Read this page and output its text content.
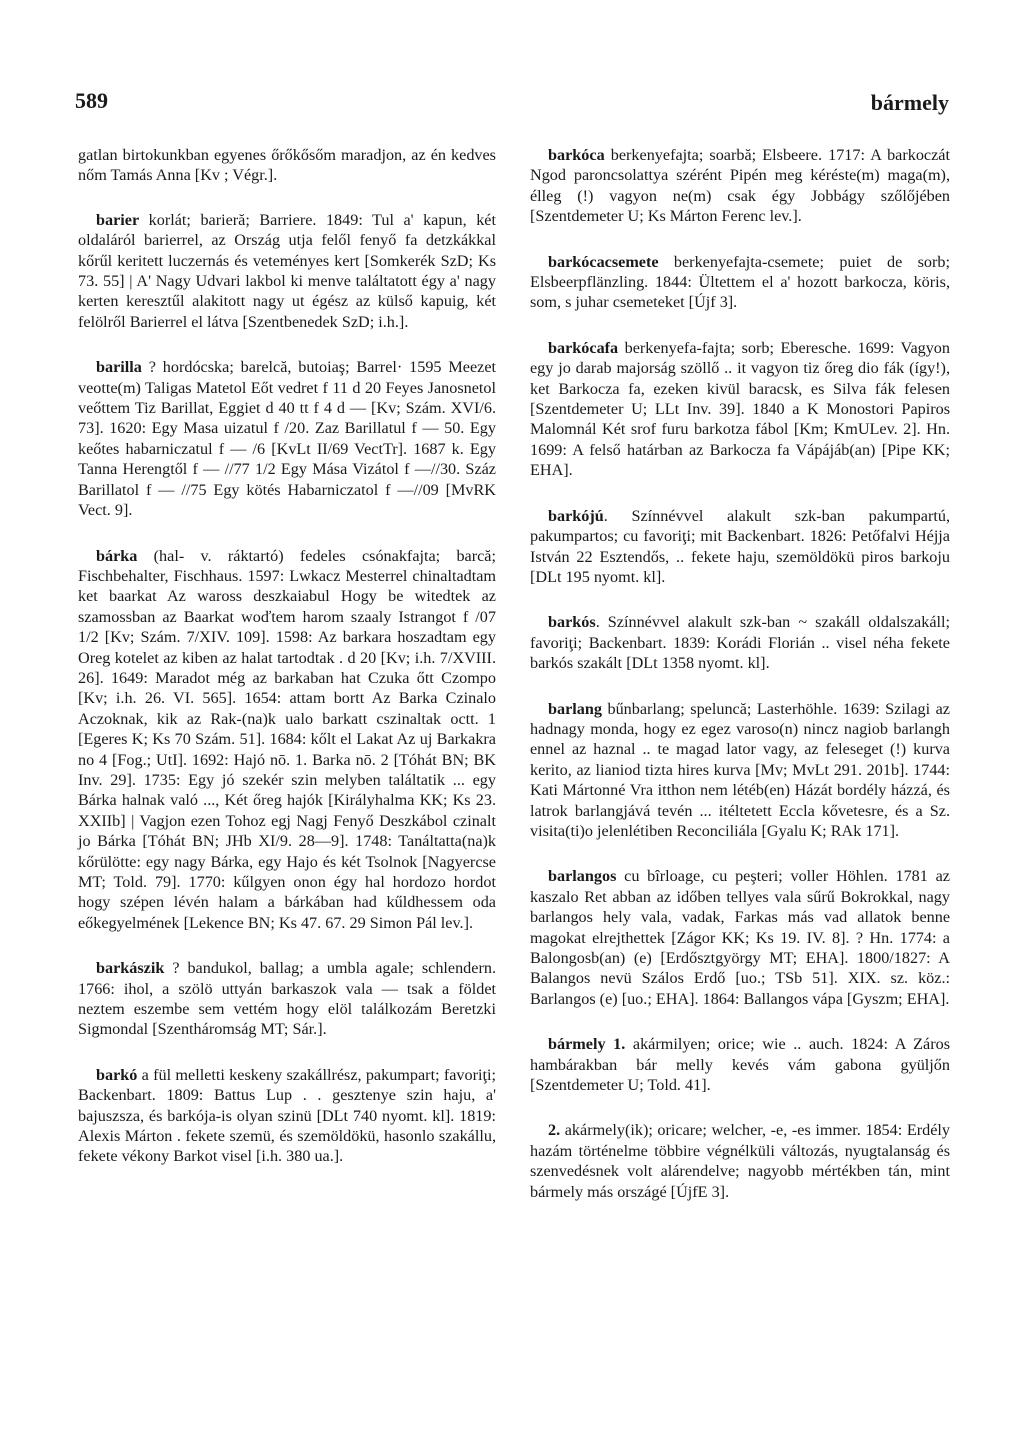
589	bármely

gatlan birtokunkban egyenes őrőkősőm maradjon, az én kedves nőm Tamás Anna [Kv ; Végr.].

barier korlát; barieră; Barriere. 1849: Tul a' kapun, két oldaláról barierrel, az Ország utja felől fenyő fa detzkákkal kőrűl keritett luczernás és veteményes kert [Somkerék SzD; Ks 73. 55] | A' Nagy Udvari lakbol ki menve találtatott égy a' nagy kerten keresztűl alakitott nagy ut égész az külső kapuig, két felölről Barierrel el látva [Szentbenedek SzD; i.h.].

barilla ? hordócska; barelcă, butoiaş; Barrel· 1595 Meezet veotte(m) Taligas Matetol Eőt vedret f 11 d 20 Feyes Janosnetol veőttem Tiz Barillat, Eggiet d 40 tt f 4 d — [Kv; Szám. XVI/6. 73]. 1620: Egy Masa uizatul f /20. Zaz Barillatul f — 50. Egy keőtes habarniczatul f — /6 [KvLt II/69 VectTr]. 1687 k. Egy Tanna Herengtől f — //77 1/2 Egy Mása Vizátol f —//30. Száz Barillatol f — //75 Egy kötés Habarniczatol f —//09 [MvRK Vect. 9].

bárka (hal- v. ráktartó) fedeles csónakfajta; barcă; Fischbehalter, Fischhaus. 1597: Lwkacz Mesterrel chinaltadtam ket baarkat Az waross deszkaiabul Hogy be witedtek az szamossban az Baarkat woďtem harom szaaly Istrangot f /07 1/2 [Kv; Szám. 7/XIV. 109]. 1598: Az barkara hoszadtam egy Oreg kotelet az kiben az halat tartodtak . d 20 [Kv; i.h. 7/XVIII. 26]. 1649: Maradot még az barkaban hat Czuka őtt Czompo [Kv; i.h. 26. VI. 565]. 1654: attam bortt Az Barka Czinalo Aczoknak, kik az Rak-(na)k ualo barkatt cszinaltak octt. 1 [Egeres K; Ks 70 Szám. 51]. 1684: kőlt el Lakat Az uj Barkakra no 4 [Fog.; UtI]. 1692: Hajó nō. 1. Barka nō. 2 [Tóhát BN; BK Inv. 29]. 1735: Egy jó szekér szin melyben találtatik ... egy Bárka halnak való ..., Két őreg hajók [Királyhalma KK; Ks 23. XXIIb] | Vagjon ezen Tohoz egj Nagj Fenyő Deszkábol czinalt jo Bárka [Tóhát BN; JHb XI/9. 28—9]. 1748: Tanáltatta(na)k kőrülötte: egy nagy Bárka, egy Hajo és két Tsolnok [Nagyercse MT; Told. 79]. 1770: kűlgyen onon égy hal hordozo hordot hogy szépen lévén halam a bárkában had kűldhessem oda eőkegyelmének [Lekence BN; Ks 47. 67. 29 Simon Pál lev.].

barkászik ? bandukol, ballag; a umbla agale; schlendern. 1766: ihol, a szölö uttyán barkaszok vala — tsak a földet neztem eszembe sem vettém hogy elöl találkozám Beretzki Sigmondal [Szentháromság MT; Sár.].

barkó a fül melletti keskeny szakállrész, pakumpart; favoriţi; Backenbart. 1809: Battus Lup . . gesztenye szin haju, a' bajuszsza, és barkója-is olyan szinü [DLt 740 nyomt. kl]. 1819: Alexis Márton . fekete szemü, és szemöldökü, hasonlo szakállu, fekete vékony Barkot visel [i.h. 380 ua.].

barkóca berkenyefajta; soarbă; Elsbeere. 1717: A barkoczát Ngod paroncsolattya szérént Pipén meg kéréste(m) maga(m), élleg (!) vagyon ne(m) csak égy Jobbágy szőlőjében [Szentdemeter U; Ks Márton Ferenc lev.].

barkócacsemete berkenyefajta-csemete; puiet de sorb; Elsbeerpflänzling. 1844: Ültettem el a' hozott barkocza, köris, som, s juhar csemeteket [Újf 3].

barkócafa berkenyefa-fajta; sorb; Eberesche. 1699: Vagyon egy jo darab majorság szöllő .. it vagyon tiz őreg dio fák (így!), ket Barkocza fa, ezeken kivül baracsk, es Silva fák felesen [Szentdemeter U; LLt Inv. 39]. 1840 a K Monostori Papiros Malomnál Két srof furu barkotza fábol [Km; KmULev. 2]. Hn. 1699: A felső határban az Barkocza fa Vápájáb(an) [Pipe KK; EHA].

barkójú. Színnévvel alakult szk-ban pakumpartú, pakumpartos; cu favoriţi; mit Backenbart. 1826: Petőfalvi Héjja István 22 Esztendős, .. fekete haju, szemöldökü piros barkoju [DLt 195 nyomt. kl].

barkós. Színnévvel alakult szk-ban ~ szakáll oldalszakáll; favoriţi; Backenbart. 1839: Korádi Florián .. visel néha fekete barkós szakált [DLt 1358 nyomt. kl].

barlang bűnbarlang; speluncă; Lasterhöhle. 1639: Szilagi az hadnagy monda, hogy ez egez varoso(n) nincz nagiob barlangh ennel az haznal .. te magad lator vagy, az feleseget (!) kurva kerito, az lianiod tizta hires kurva [Mv; MvLt 291. 201b]. 1744: Kati Mártonné Vra itthon nem létéb(en) Házát bordély házzá, és latrok barlangjává tevén ... itéltetett Eccla kővetesre, és a Sz. visita(ti)o jelenlétiben Reconciliála [Gyalu K; RAk 171].

barlangos cu bîrloage, cu peşteri; voller Höhlen. 1781 az kaszalo Ret abban az időben tellyes vala sűrű Bokrokkal, nagy barlangos hely vala, vadak, Farkas más vad allatok benne magokat elrejthettek [Zágor KK; Ks 19. IV. 8]. ? Hn. 1774: a Balongosb(an) (e) [Erdősztgyörgy MT; EHA]. 1800/1827: A Balangos nevü Szálos Erdő [uo.; TSb 51]. XIX. sz. köz.: Barlangos (e) [uo.; EHA]. 1864: Ballangos vápa [Gyszm; EHA].

bármely 1. akármilyen; orice; wie .. auch. 1824: A Záros hambárakban bár melly kevés vám gabona gyüljőn [Szentdemeter U; Told. 41].

2. akármely(ik); oricare; welcher, -e, -es immer. 1854: Erdély hazám történelme többire végnélküli változás, nyugtalanság és szenvedésnek volt alárendelve; nagyobb mértékben tán, mint bármely más országé [ÚjfE 3].
